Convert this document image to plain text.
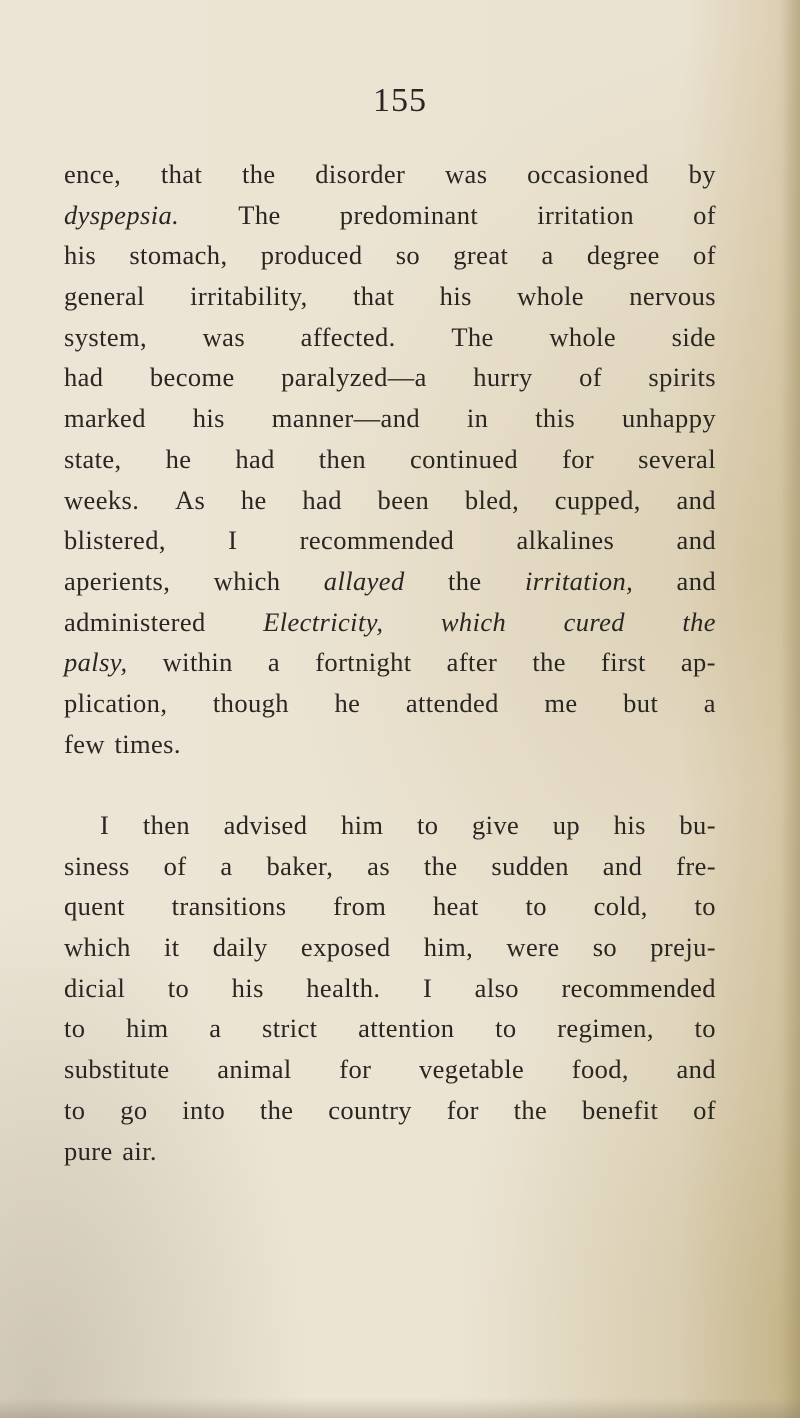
155
ence, that the disorder was occasioned by
dyspepsia. The predominant irritation of
his stomach, produced so great a degree of
general irritability, that his whole nervous
system, was affected. The whole side
had become paralyzed—a hurry of spirits
marked his manner—and in this unhappy
state, he had then continued for several
weeks. As he had been bled, cupped, and
blistered, I recommended alkalines and
aperients, which allayed the irritation, and
administered Electricity, which cured the
palsy, within a fortnight after the first ap-
plication, though he attended me but a
few times.
I then advised him to give up his bu-
siness of a baker, as the sudden and fre-
quent transitions from heat to cold, to
which it daily exposed him, were so preju-
dicial to his health. I also recommended
to him a strict attention to regimen, to
substitute animal for vegetable food, and
to go into the country for the benefit of
pure air.
